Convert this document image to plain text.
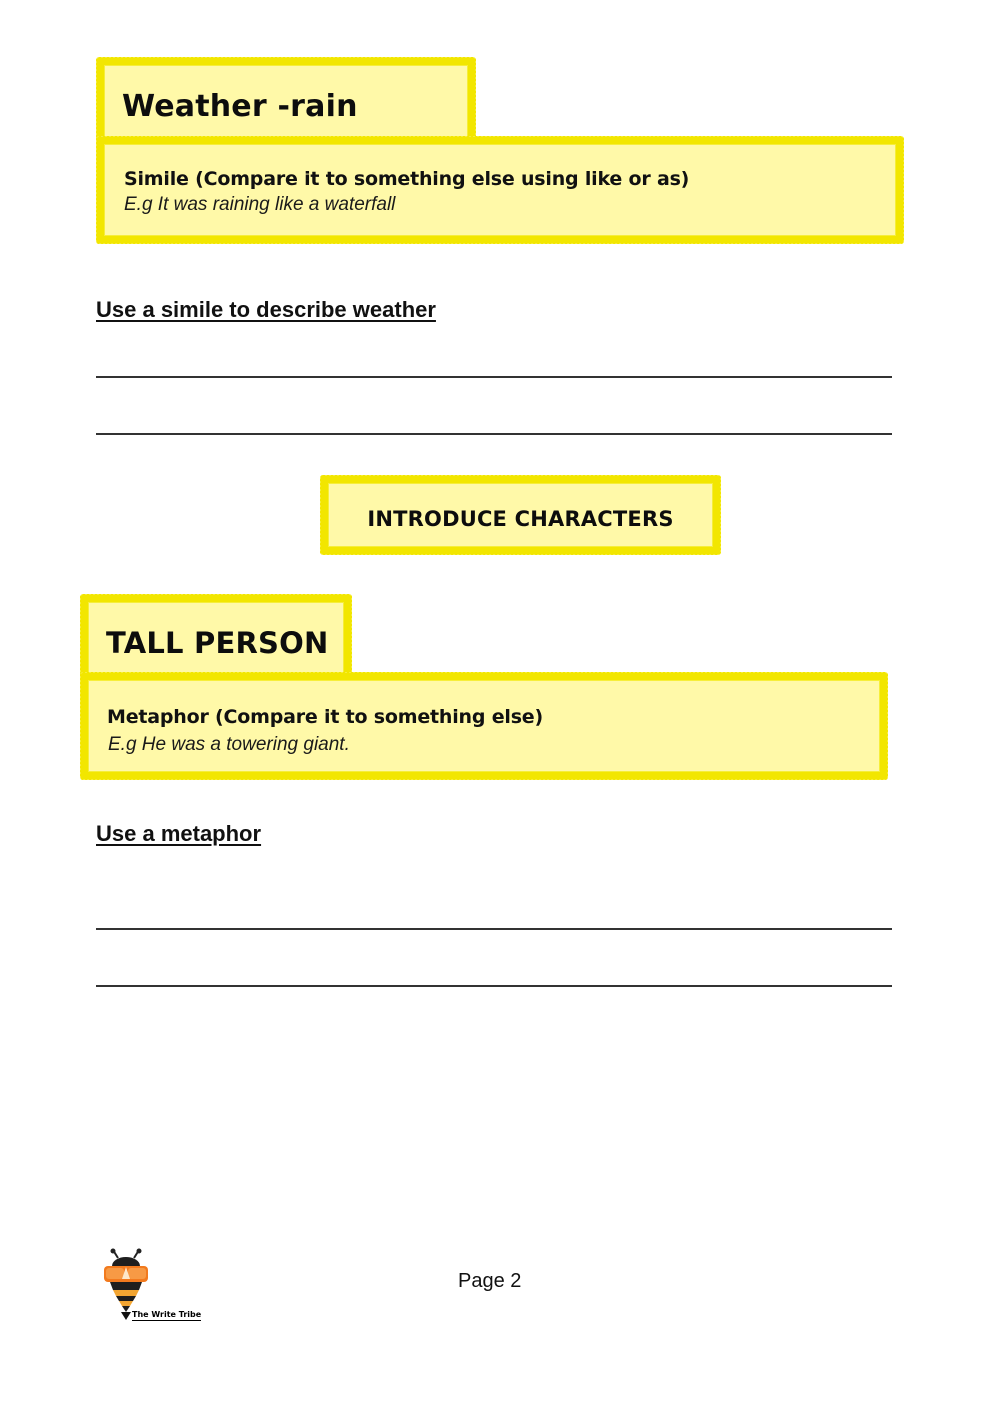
Weather -rain
Simile (Compare it to something else using like or as)
E.g It was raining like a waterfall
Use a simile to describe weather
INTRODUCE CHARACTERS
TALL PERSON
Metaphor (Compare it to something else)
E.g He was a towering giant.
Use a metaphor
The Write Tribe
Page 2
